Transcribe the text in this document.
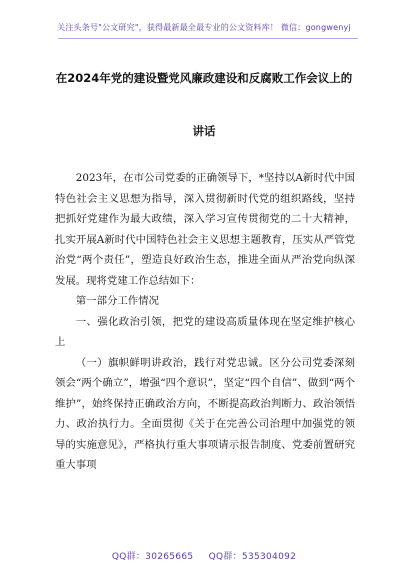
关注头条号"公文研究"，获得最新最全最专业的公文资料库！ 微信：gongwenyj
在2024年党的建设暨党风廉政建设和反腐败工作会议上的
讲话

2023年，在市公司党委的正确领导下，*坚持以A新时代中国特色社会主义思想为指导，深入贯彻新时代党的组织路线，坚持把抓好党建作为最大政绩，深入学习宣传贯彻党的二十大精神，扎实开展A新时代中国特色社会主义思想主题教育，压实从严管党治党“两个责任”，塑造良好政治生态，推进全面从严治党向纵深发展。现将党建工作总结如下：

第一部分工作情况

一、强化政治引领，把党的建设高质量体现在坚定维护核心上

（一）旗帜鲜明讲政治，践行对党忠诚。区分公司党委深刻领会“两个确立”，增强“四个意识”，坚定“四个自信”、做到“两个维护”，始终保持正确政治方向，不断提高政治判断力、政治领悟力、政治执行力。全面贯彻《关于在完善公司治理中加强党的领导的实施意见》，严格执行重大事项请示报告制度、党委前置研究重大事项

QQ群：30265665 QQ群：535304092
